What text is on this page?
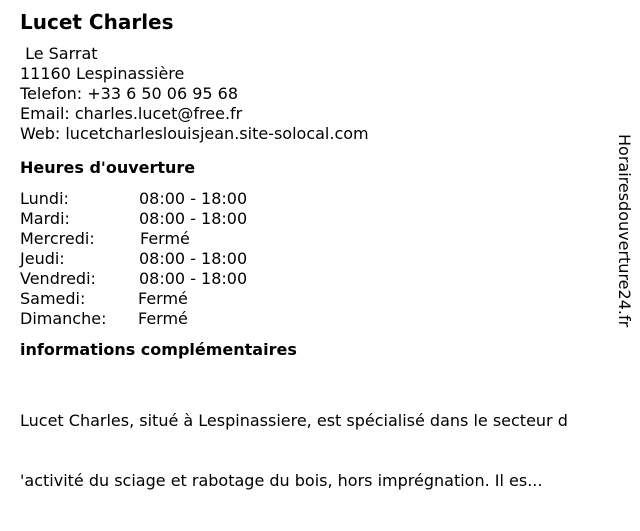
Lucet Charles
Le Sarrat
11160 Lespinassière
Telefon: +33 6 50 06 95 68
Email: charles.lucet@free.fr
Web: lucetcharleslouisjean.site-solocal.com
Heures d'ouverture

Lundi:

	08:00 - 18:00

Mardi:

	08:00 - 18:00

Mercredi:

	Fermé

Jeudi:

	08:00 - 18:00

Vendredi:

	08:00 - 18:00

Samedi:

	Fermé

Dimanche:

Fermé

informations complémentaires

Lucet Charles, situé à Lespinassiere, est spécialisé dans le secteur d

'activité du sciage et rabotage du bois, hors imprégnation. Il es...

Horairesdouverture24.fr
